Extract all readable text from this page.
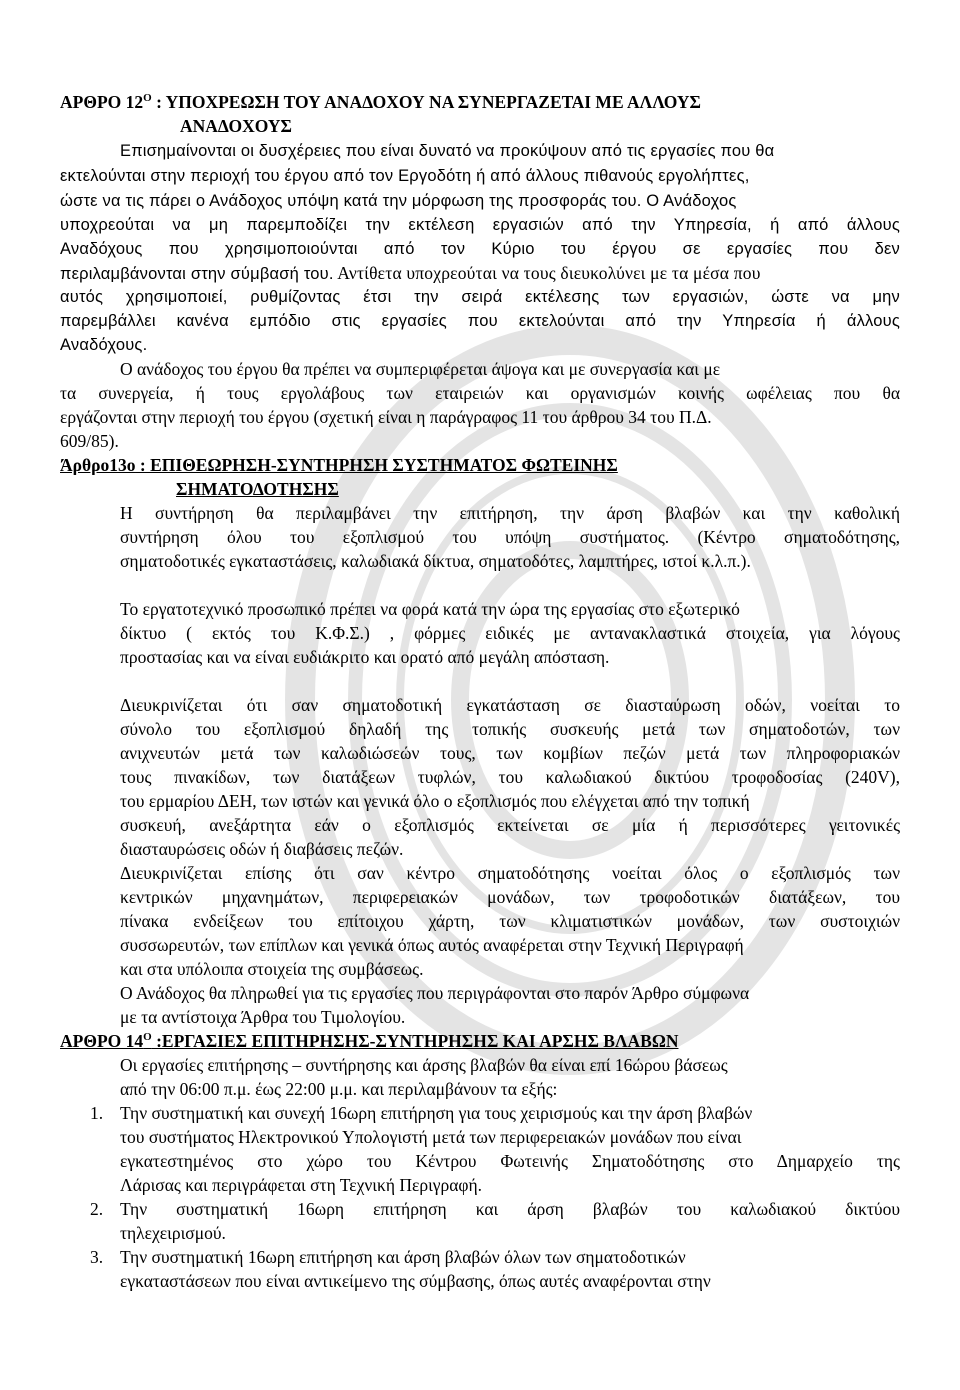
ΑΡΘΡΟ $12^O$ : ΥΠΟΧΡΕΩΣΗ ΤΟΥ ΑΝΑΔΟΧΟΥ ΝΑ ΣΥΝΕΡΓΑΖΕΤΑΙ ΜΕ ΑΛΛΟΥΣ

ΑΝΑΔΟΧΟΥΣ

Επισημαίνονται οι δυσχέρειες που είναι δυνατό να προκύψουν από τις εργασίες που θα

εκτελούνται στην περιοχή του έργου από τον Εργοδότη ή από άλλους πιθανούς εργολήπτες,

ώστε να τις πάρει ο Ανάδοχος υπόψη κατά την μόρφωση της προσφοράς του. Ο Ανάδοχος

υποχρεούται να μη παρεμποδίζει την εκτέλεση εργασιών από την Υπηρεσία, ή από άλλους

Αναδόχους που χρησιμοποιούνται από τον Κύριο του έργου σε εργασίες που δεν

περιλαμβάνονται στην σύμβασή του. Αντίθετα υποχρεούται να τους διευκολύνει με τα μέσα που

αυτός χρησιμοποιεί, ρυθμίζοντας έτσι την σειρά εκτέλεσης των εργασιών, ώστε να μην

παρεμβάλλει κανένα εμπόδιο στις εργασίες που εκτελούνται από την Υπηρεσία ή άλλους

Αναδόχους.

Ο ανάδοχος του έργου θα πρέπει να συμπεριφέρεται άψογα και με συνεργασία και με

τα συνεργεία, ή τους εργολάβους των εταιρειών και οργανισμών κοινής ωφέλειας που θα

εργάζονται στην περιοχή του έργου (σχετική είναι η παράγραφος 11 του άρθρου 34 του Π.Δ.

609/85).

Άρθρο13ο : ΕΠΙΘΕΩΡΗΣΗ-ΣΥΝΤΗΡΗΣΗ ΣΥΣΤΗΜΑΤΟΣ ΦΩΤΕΙΝΗΣ

ΣΗΜΑΤΟΔΟΤΗΣΗΣ

Η συντήρηση θα περιλαμβάνει την επιτήρηση, την άρση βλαβών και την καθολική

συντήρηση όλου του εξοπλισμού του υπόψη συστήματος. (Κέντρο σηματοδότησης,

σηματοδοτικές εγκαταστάσεις, καλωδιακά δίκτυα, σηματοδότες, λαμπτήρες, ιστοί κ.λ.π.).

Το εργατοτεχνικό προσωπικό πρέπει να φορά κατά την ώρα της εργασίας στο εξωτερικό

δίκτυο ( εκτός του Κ.Φ.Σ.) , φόρμες ειδικές με αντανακλαστικά στοιχεία, για λόγους

προστασίας και να είναι ευδιάκριτο και ορατό από μεγάλη απόσταση.

Διευκρινίζεται ότι σαν σηματοδοτική εγκατάσταση σε διασταύρωση οδών, νοείται το

σύνολο του εξοπλισμού δηλαδή της τοπικής συσκευής μετά των σηματοδοτών, των

ανιχνευτών μετά των καλωδιώσεών τους, των κομβίων πεζών μετά των πληροφοριακών

τους πινακίδων, των διατάξεων τυφλών, του καλωδιακού δικτύου τροφοδοσίας (240V),

του ερμαρίου ΔΕΗ, των ιστών και γενικά όλο ο εξοπλισμός που ελέγχεται από την τοπική

συσκευή, ανεξάρτητα εάν ο εξοπλισμός εκτείνεται σε μία ή περισσότερες γειτονικές

διασταυρώσεις οδών ή διαβάσεις πεζών.

Διευκρινίζεται επίσης ότι σαν κέντρο σηματοδότησης νοείται όλος ο εξοπλισμός των

κεντρικών μηχανημάτων, περιφερειακών μονάδων, των τροφοδοτικών διατάξεων, του

πίνακα ενδείξεων του επίτοιχου χάρτη, των κλιματιστικών μονάδων, των συστοιχιών

συσσωρευτών, των επίπλων και γενικά όπως αυτός αναφέρεται στην Τεχνική Περιγραφή

και στα υπόλοιπα στοιχεία της συμβάσεως.

Ο Ανάδοχος θα πληρωθεί για τις εργασίες που περιγράφονται στο παρόν Άρθρο σύμφωνα

με τα αντίστοιχα Άρθρα του Τιμολογίου.

ΑΡΘΡΟ $14^O$ :ΕΡΓΑΣΙΕΣ ΕΠΙΤΗΡΗΣΗΣ-ΣΥΝΤΗΡΗΣΗΣ ΚΑΙ ΑΡΣΗΣ ΒΛΑΒΩΝ

Οι εργασίες επιτήρησης – συντήρησης και άρσης βλαβών θα είναι επί 16ώρου βάσεως

από την 06:00 π.μ. έως 22:00 μ.μ. και περιλαμβάνουν τα εξής:

1. Την συστηματική και συνεχή 16ωρη επιτήρηση για τους χειρισμούς και την άρση βλαβών

του συστήματος Ηλεκτρονικού Υπολογιστή μετά των περιφερειακών μονάδων που είναι

εγκατεστημένος στο χώρο του Κέντρου Φωτεινής Σηματοδότησης στο Δημαρχείο της

Λάρισας και περιγράφεται στη Τεχνική Περιγραφή.

2. Την συστηματική 16ωρη επιτήρηση και άρση βλαβών του καλωδιακού δικτύου

τηλεχειρισμού.

3. Την συστηματική 16ωρη επιτήρηση και άρση βλαβών όλων των σηματοδοτικών

εγκαταστάσεων που είναι αντικείμενο της σύμβασης, όπως αυτές αναφέρονται στην
